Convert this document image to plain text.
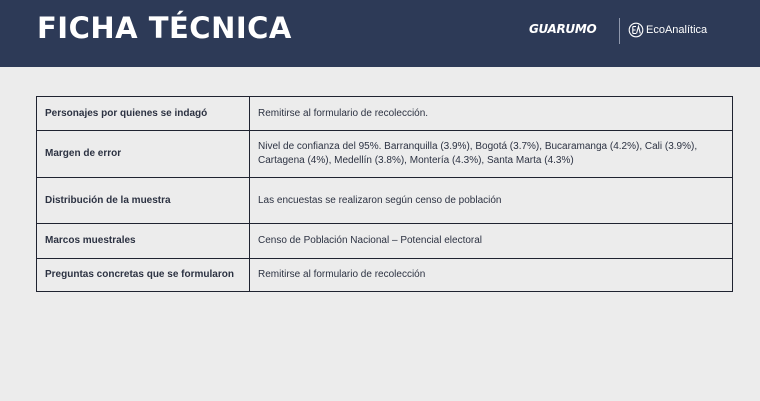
FICHA TÉCNICA	GUARUMO	EcoAnalítica
Personajes por quienes se indagó	Remitirse al formulario de recolección.
Margen de error	Nivel de confianza del 95%. Barranquilla (3.9%), Bogotá (3.7%), Bucaramanga (4.2%), Cali (3.9%), Cartagena (4%), Medellín (3.8%), Montería (4.3%), Santa Marta (4.3%)
Distribución de la muestra	Las encuestas se realizaron según censo de población
Marcos muestrales	Censo de Población Nacional – Potencial electoral
Preguntas concretas que se formularon	Remitirse al formulario de recolección
